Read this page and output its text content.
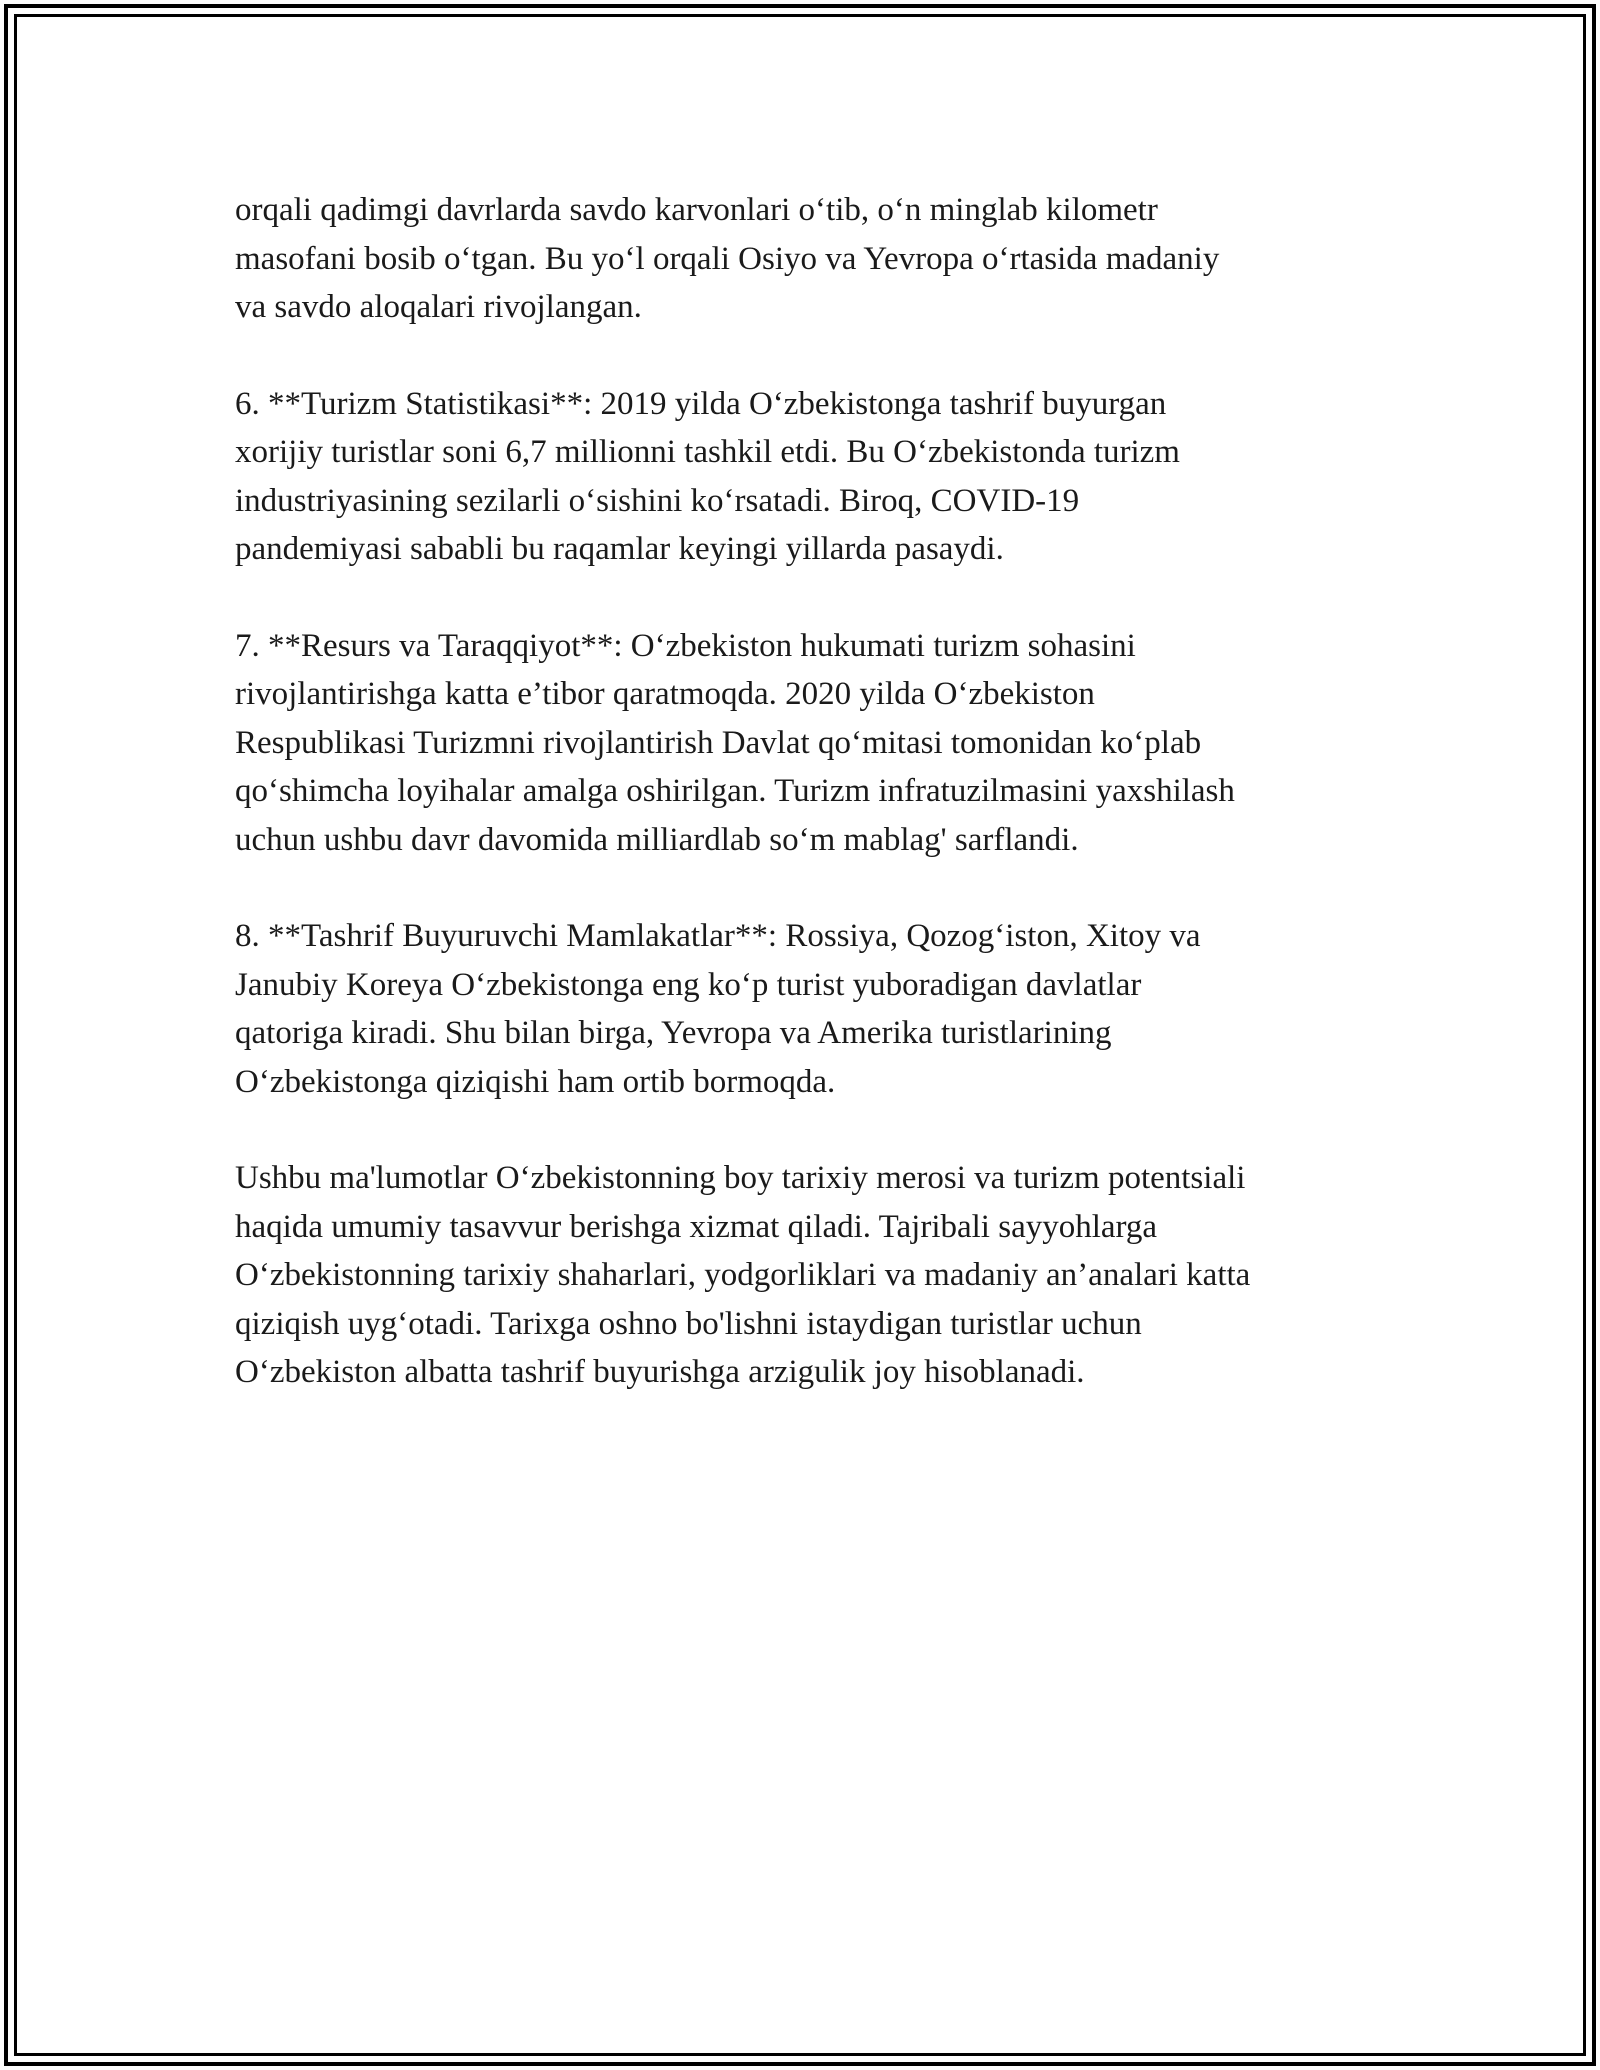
orqali qadimgi davrlarda savdo karvonlari o‘tib, o‘n minglab kilometr
masofani bosib o‘tgan. Bu yo‘l orqali Osiyo va Yevropa o‘rtasida madaniy
va savdo aloqalari rivojlangan.

6. **Turizm Statistikasi**: 2019 yilda O‘zbekistonga tashrif buyurgan
xorijiy turistlar soni 6,7 millionni tashkil etdi. Bu O‘zbekistonda turizm
industriyasining sezilarli o‘sishini ko‘rsatadi. Biroq, COVID-19
pandemiyasi sababli bu raqamlar keyingi yillarda pasaydi.

7. **Resurs va Taraqqiyot**: O‘zbekiston hukumati turizm sohasini
rivojlantirishga katta e’tibor qaratmoqda. 2020 yilda O‘zbekiston
Respublikasi Turizmni rivojlantirish Davlat qo‘mitasi tomonidan ko‘plab
qo‘shimcha loyihalar amalga oshirilgan. Turizm infratuzilmasini yaxshilash
uchun ushbu davr davomida milliardlab so‘m mablag' sarflandi.

8. **Tashrif Buyuruvchi Mamlakatlar**: Rossiya, Qozog‘iston, Xitoy va
Janubiy Koreya O‘zbekistonga eng ko‘p turist yuboradigan davlatlar
qatoriga kiradi. Shu bilan birga, Yevropa va Amerika turistlarining
O‘zbekistonga qiziqishi ham ortib bormoqda.

Ushbu ma'lumotlar O‘zbekistonning boy tarixiy merosi va turizm potentsiali
haqida umumiy tasavvur berishga xizmat qiladi. Tajribali sayyohlarga
O‘zbekistonning tarixiy shaharlari, yodgorliklari va madaniy an’analari katta
qiziqish uyg‘otadi. Tarixga oshno bo'lishni istaydigan turistlar uchun
O‘zbekiston albatta tashrif buyurishga arzigulik joy hisoblanadi.
